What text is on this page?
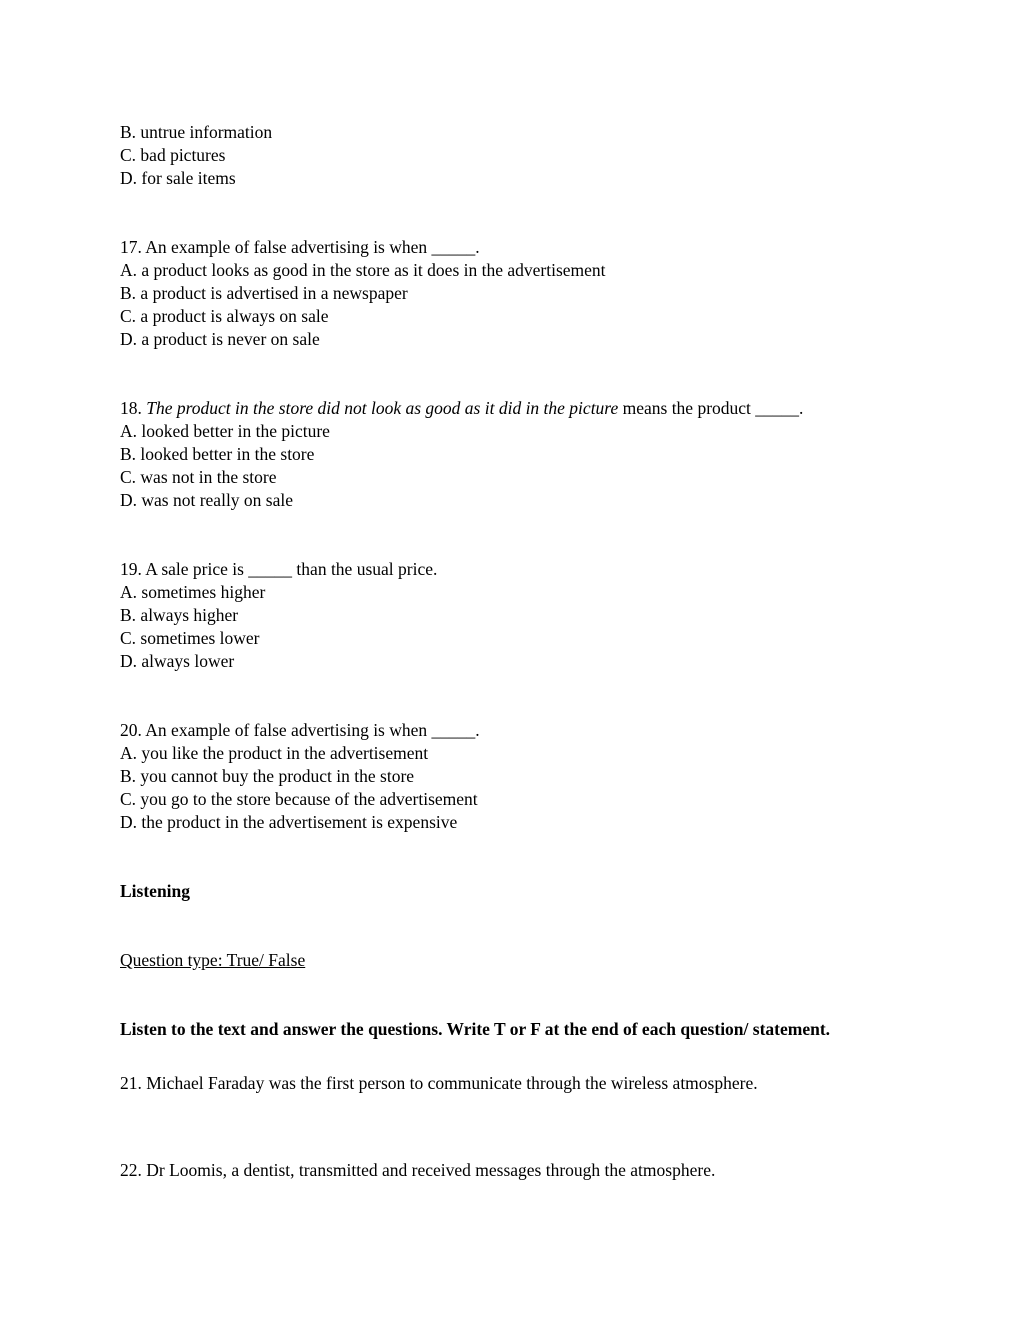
B. untrue information
C. bad pictures
D. for sale items
17. An example of false advertising is when _____.
A. a product looks as good in the store as it does in the advertisement
B. a product is advertised in a newspaper
C. a product is always on sale
D. a product is never on sale
18. The product in the store did not look as good as it did in the picture means the product _____.
A. looked better in the picture
B. looked better in the store
C. was not in the store
D. was not really on sale
19. A sale price is _____ than the usual price.
A. sometimes higher
B. always higher
C. sometimes lower
D. always lower
20. An example of false advertising is when _____.
A. you like the product in the advertisement
B. you cannot buy the product in the store
C. you go to the store because of the advertisement
D. the product in the advertisement is expensive
Listening
Question type: True/ False
Listen to the text and answer the questions. Write T or F at the end of each question/ statement.
21. Michael Faraday was the first person to communicate through the wireless atmosphere.
22. Dr Loomis, a dentist, transmitted and received messages through the atmosphere.
